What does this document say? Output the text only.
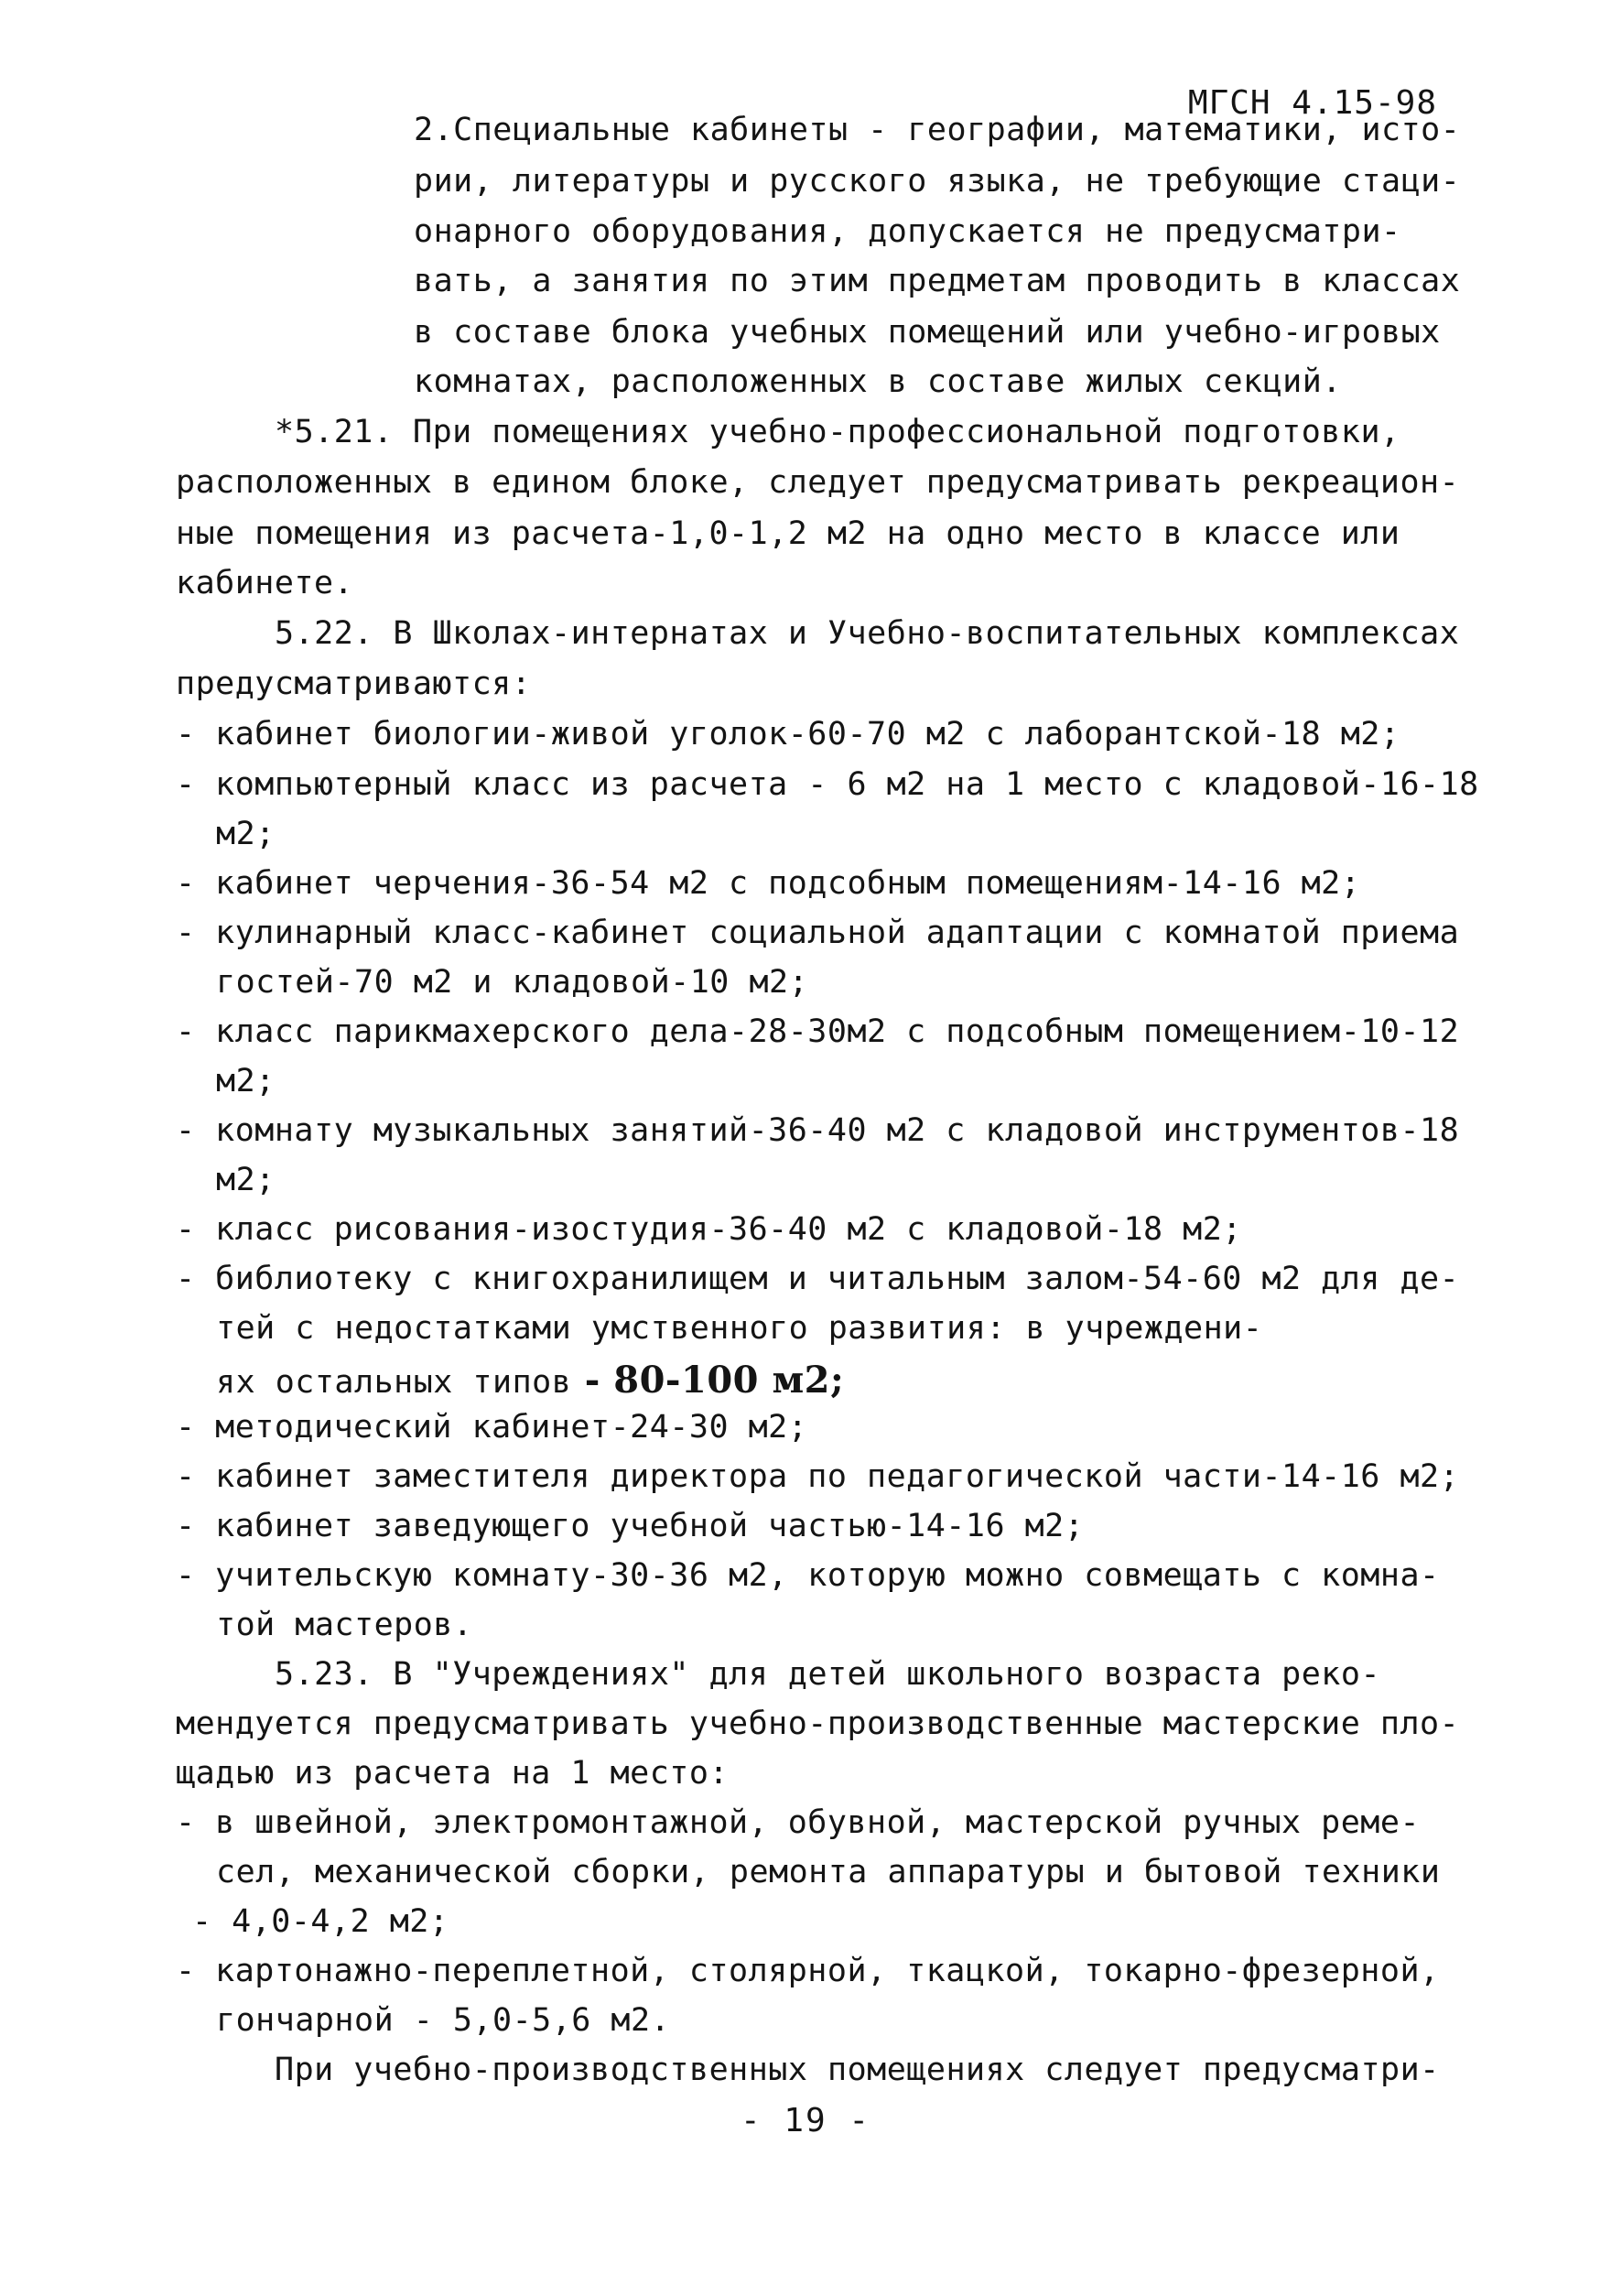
МГСН 4.15-98
2.Специальные кабинеты - географии, математики, исто-
рии, литературы и русского языка, не требующие стаци-
онарного оборудования, допускается не предусматри-
вать, а занятия по этим предметам проводить в классах
в составе блока учебных помещений или учебно-игровых
комнатах, расположенных в составе жилых секций.
*5.21. При помещениях учебно-профессиональной подготовки,
расположенных в едином блоке, следует предусматривать рекреацион-
ные помещения из расчета-1,0-1,2 м2 на одно место в классе или
кабинете.
5.22. В Школах-интернатах и Учебно-воспитательных комплексах
предусматриваются:
- кабинет биологии-живой уголок-60-70 м2 с лаборантской-18 м2;
- компьютерный класс из расчета - 6 м2 на 1 место с кладовой-16-18
м2;
- кабинет черчения-36-54 м2 с подсобным помещениям-14-16 м2;
- кулинарный класс-кабинет социальной адаптации с комнатой приема
гостей-70 м2 и кладовой-10 м2;
- класс парикмахерского дела-28-30м2 с подсобным помещением-10-12
м2;
- комнату музыкальных занятий-36-40 м2 с кладовой инструментов-18
м2;
- класс рисования-изостудия-36-40 м2 с кладовой-18 м2;
- библиотеку с книгохранилищем и читальным залом-54-60 м2 для де-
тей с недостатками умственного развития: в учреждени-
ях остальных типов - 80-100 м2;
- методический кабинет-24-30 м2;
- кабинет заместителя директора по педагогической части-14-16 м2;
- кабинет заведующего учебной частью-14-16 м2;
- учительскую комнату-30-36 м2, которую можно совмещать с комна-
той мастеров.
5.23. В "Учреждениях" для детей школьного возраста реко-
мендуется предусматривать учебно-производственные мастерские пло-
щадью из расчета на 1 место:
- в швейной, электромонтажной, обувной, мастерской ручных реме-
сел, механической сборки, ремонта аппаратуры и бытовой техники
- 4,0-4,2 м2;
- картонажно-переплетной, столярной, ткацкой, токарно-фрезерной,
гончарной - 5,0-5,6 м2.
При учебно-производственных помещениях следует предусматри-
- 19 -
